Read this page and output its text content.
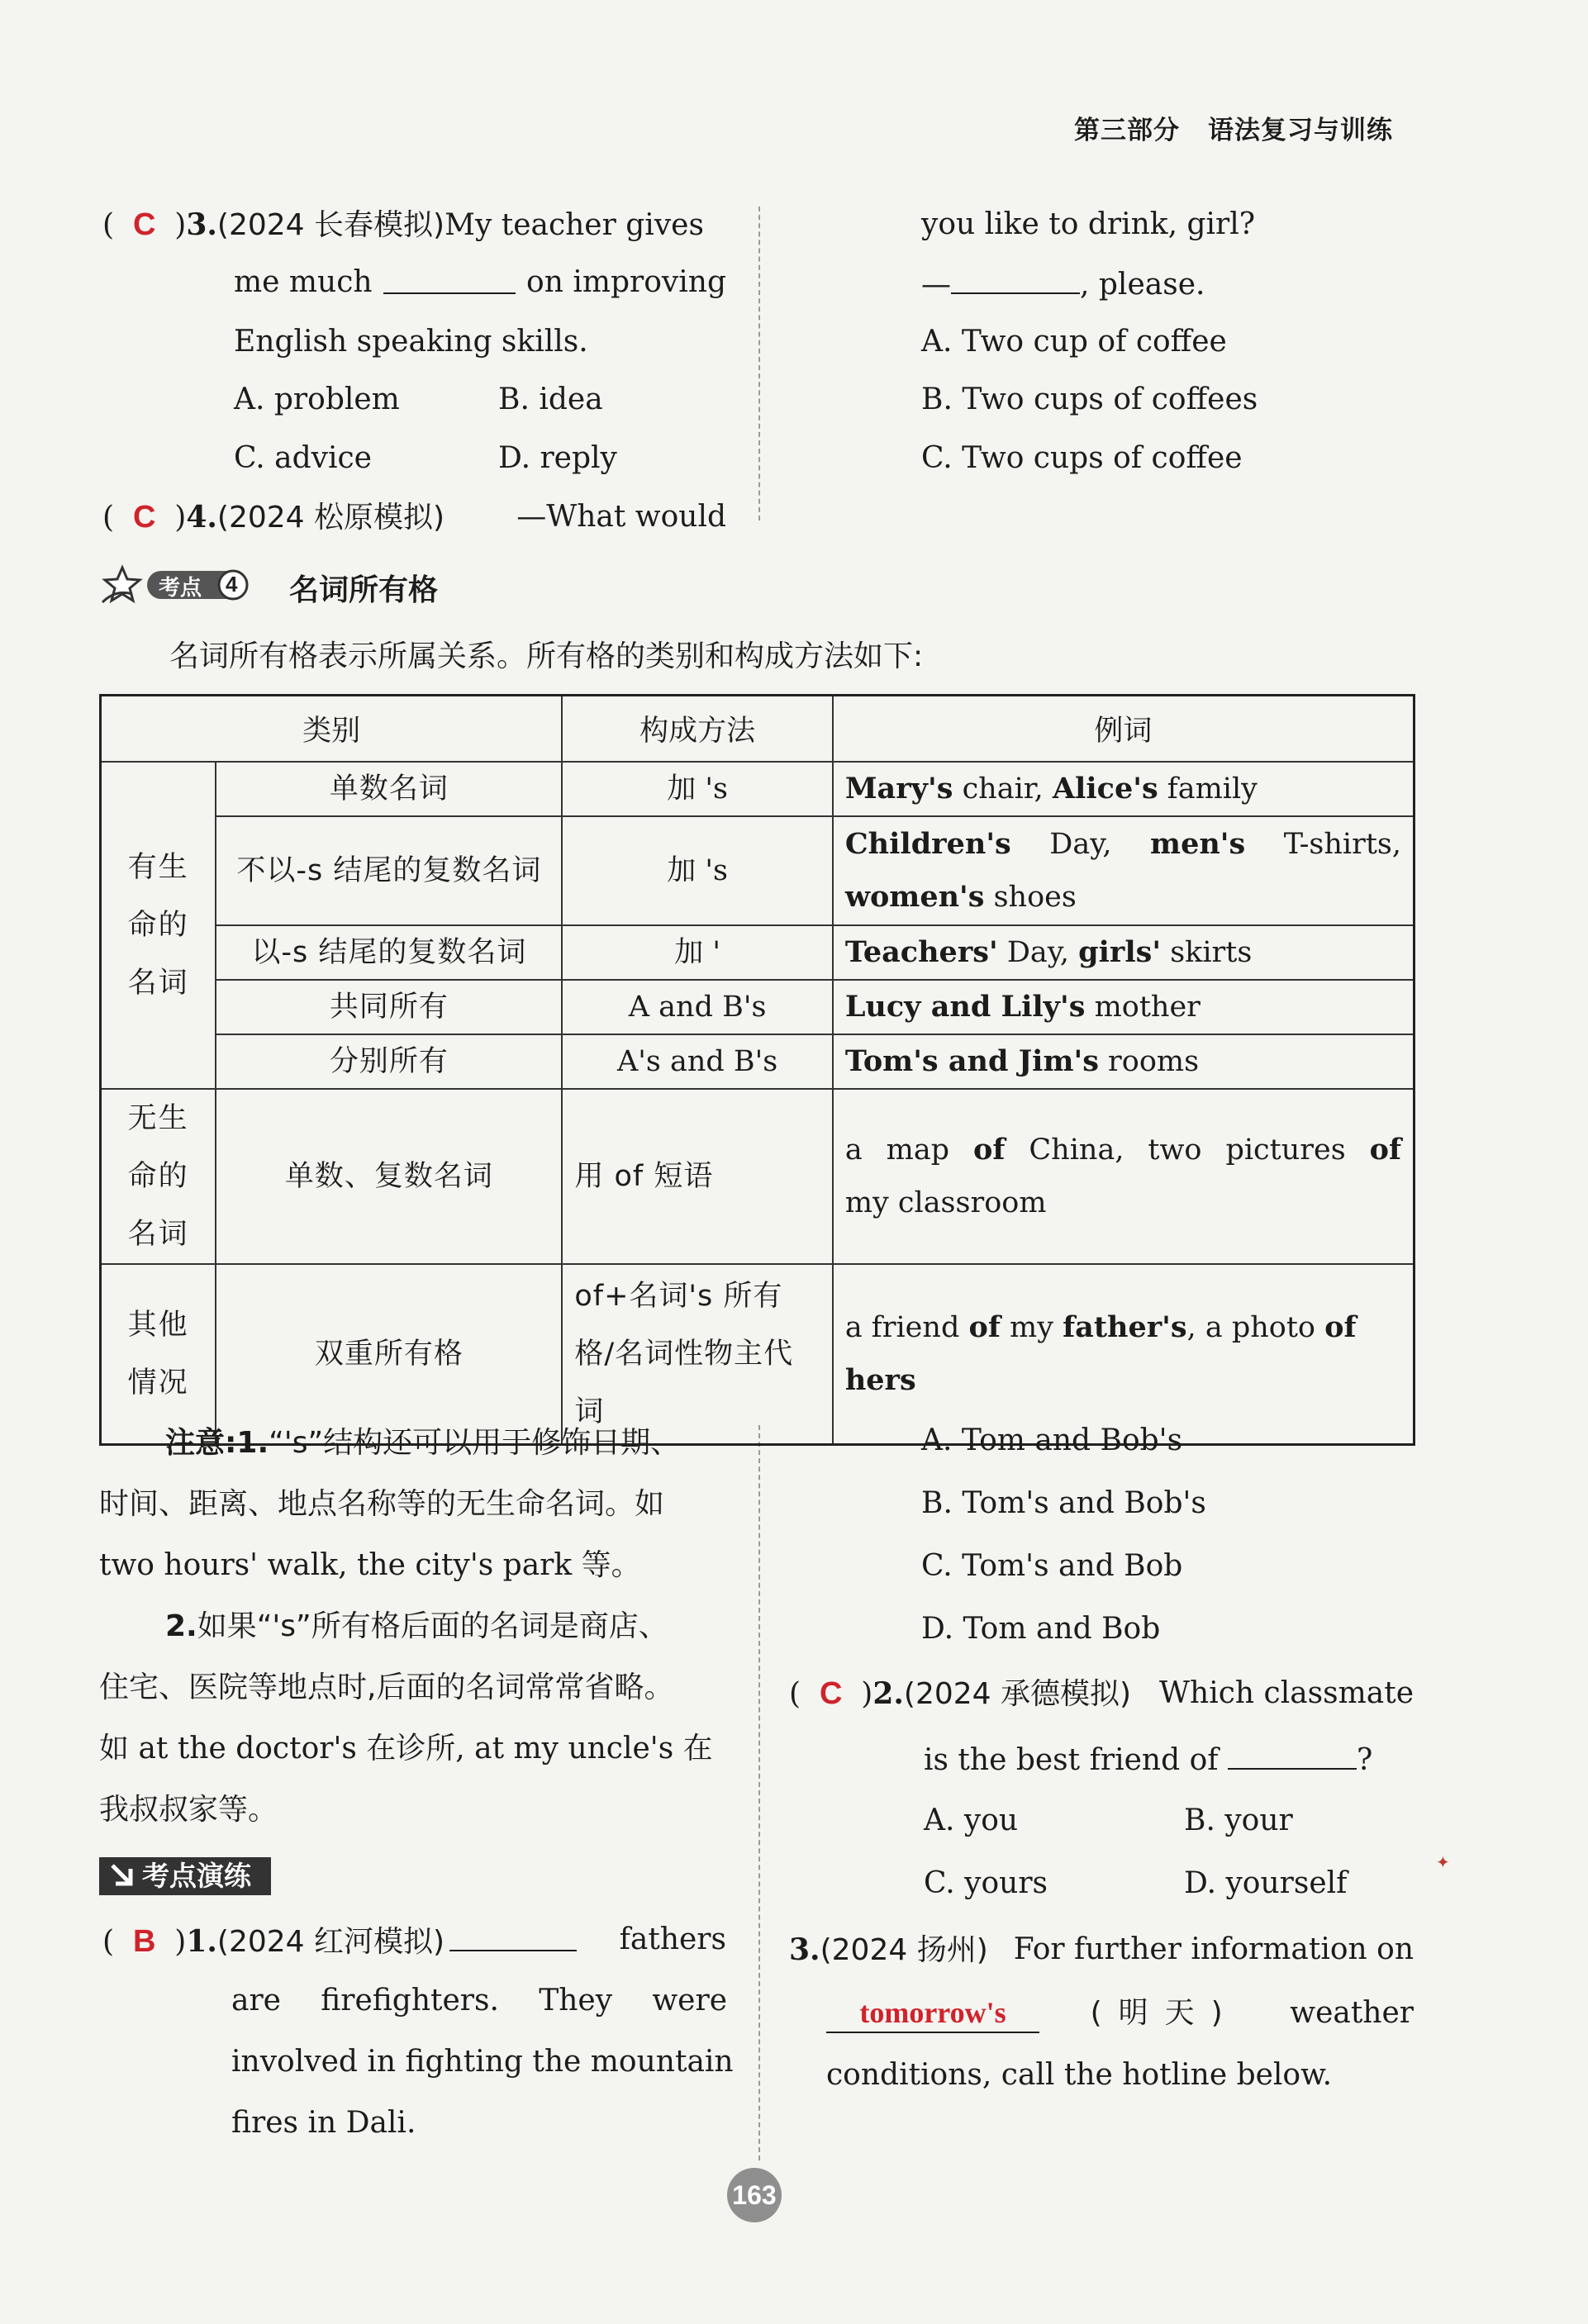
第三部分 语法复习与训练
(  C  )3.(2024 长春模拟)My teacher gives
me much	on improving
English speaking skills.
A. problem	B. idea
C. advice	D. reply
(  C  )4.(2024 松原模拟) —What would
you like to drink, girl?
—	, please.
A. Two cup of coffee
B. Two cups of coffees
C. Two cups of coffee
考点 4 名词所有格
名词所有格表示所属关系。所有格的类别和构成方法如下:
类别		构成方法	例词
有生命的名词	单数名词	加 's	Mary's chair, Alice's family
	不以-s 结尾的复数名词	加 's	Children's Day, men's T-shirts,
women's shoes

	以-s 结尾的复数名词	加 '	Teachers' Day, girls' skirts
	共同所有	A and B's	Lucy and Lily's mother
	分别所有	A's and B's	Tom's and Jim's rooms
无生命的名词	单数、复数名词	用 of 短语	a map of China, two pictures of
my classroom

其他情况	双重所有格	of+名词's 所有格/名词性物主代词	a friend of my father's, a photo of hers
注意:1.“'s”结构还可以用于修饰日期、
时间、距离、地点名称等的无生命名词。如
two hours' walk, the city's park 等。
2.如果“'s”所有格后面的名词是商店、
住宅、医院等地点时,后面的名词常常省略。
如 at the doctor's 在诊所, at my uncle's 在
我叔叔家等。
考点演练
(  B  )1.(2024 红河模拟)	fathers
are firefighters. They were
involved in fighting the mountain
fires in Dali.
A. Tom and Bob's
B. Tom's and Bob's
C. Tom's and Bob
D. Tom and Bob
(  C  )2.(2024 承德模拟) Which classmate
is the best friend of	?
A. you	B. your
C. yours	D. yourself
✦
3.(2024 扬州) For further information on
tomorrow's	(明天) weather
conditions, call the hotline below.
163
